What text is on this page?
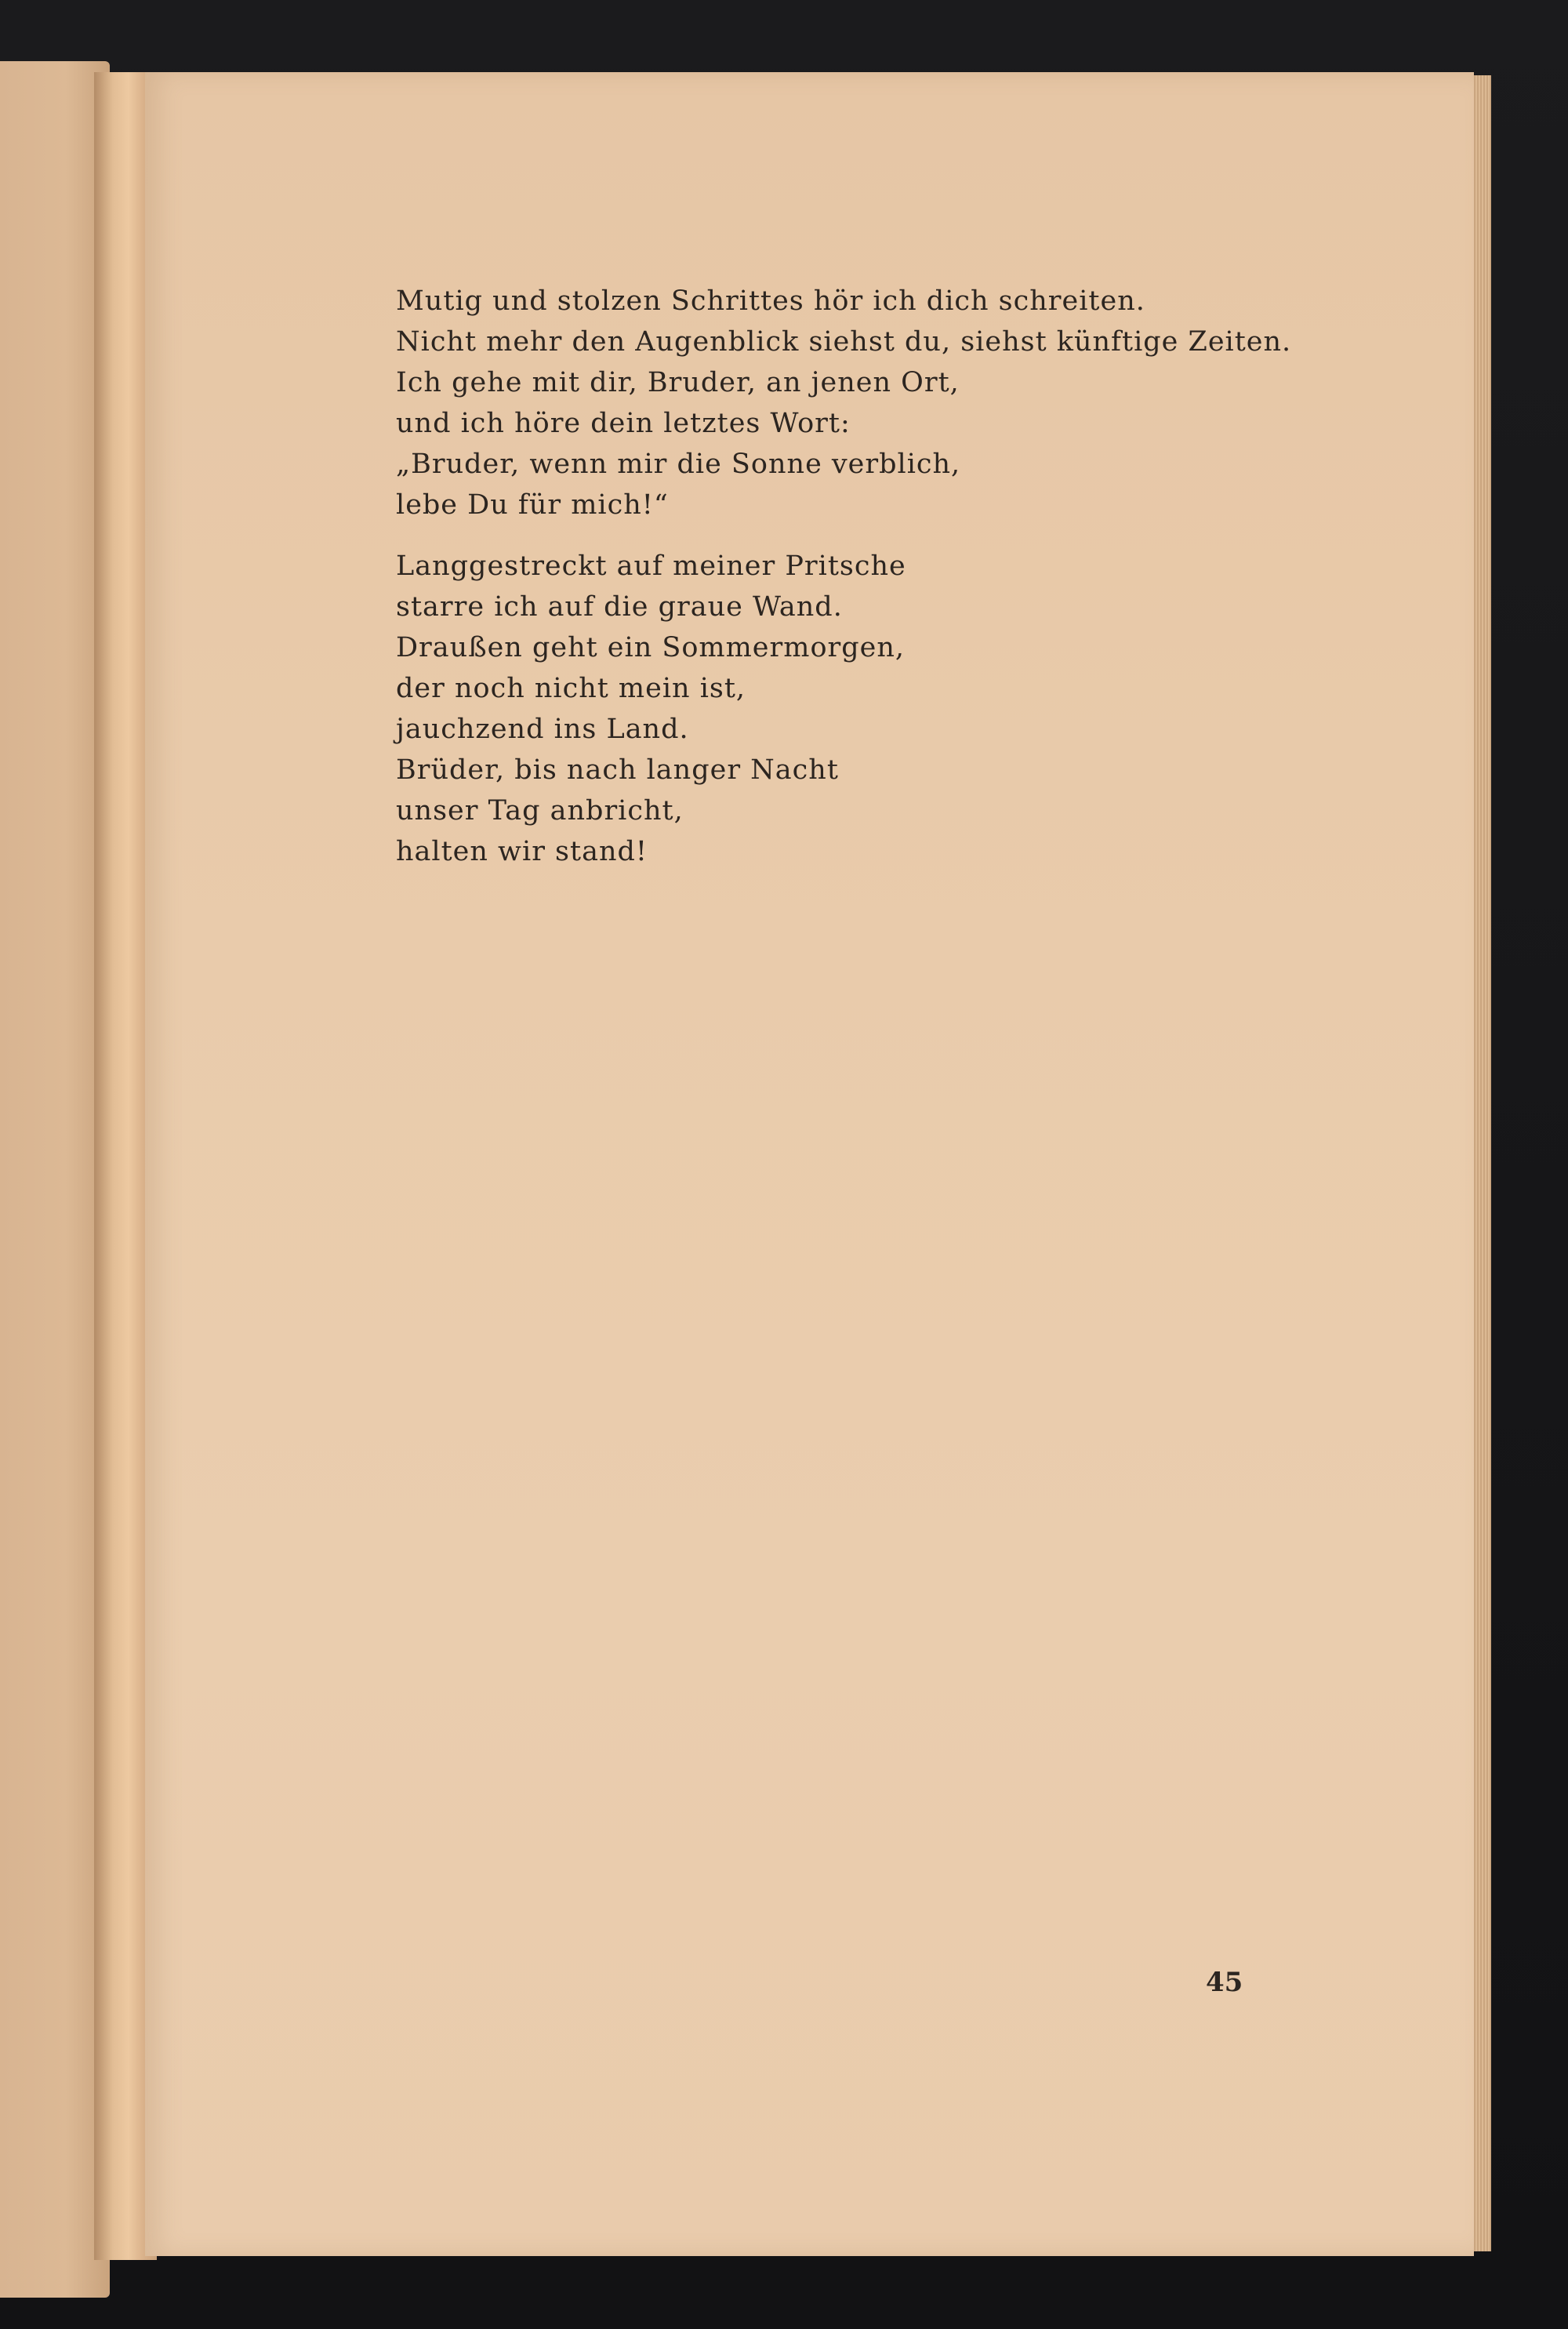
Mutig und stolzen Schrittes hör ich dich schreiten.
Nicht mehr den Augenblick siehst du, siehst künftige Zeiten.
Ich gehe mit dir, Bruder, an jenen Ort,
und ich höre dein letztes Wort:
„Bruder, wenn mir die Sonne verblich,
lebe Du für mich!“

Langgestreckt auf meiner Pritsche
starre ich auf die graue Wand.
Draußen geht ein Sommermorgen,
der noch nicht mein ist,
jauchzend ins Land.
Brüder, bis nach langer Nacht
unser Tag anbricht,
halten wir stand!

45
